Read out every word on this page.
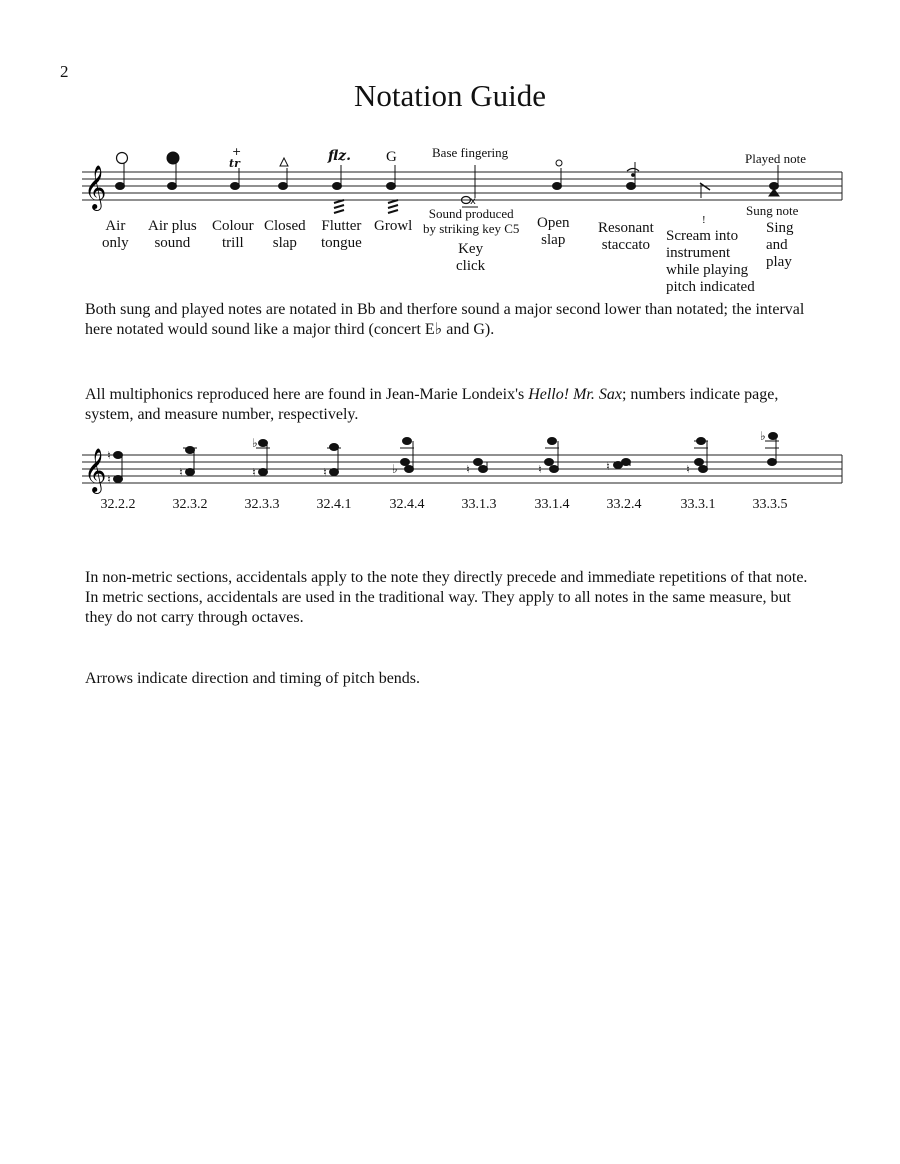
2
Notation Guide
𝄞
+
tr	flz. G
x
!
𝄞 ♮
♮
♮
♭
♮	♮	♭	♮	♮	♮	♮
♭
Base fingering	Played note
Sung note
Air
only
Air plus
sound
Colour
trill
Closed
slap
Flutter
tongue
Growl
Sound produced
by striking key C5
Key
click
Open
slap
Resonant
staccato
Scream into
instrument
while playing
pitch indicated
Sing
and
play

Both sung and played notes are notated in Bb and therfore sound a major second lower than notated; the interval here notated would sound like a major third (concert E♭ and G).

All multiphonics reproduced here are found in Jean-Marie Londeix's Hello! Mr. Sax; numbers indicate page, system, and measure number, respectively.

32.2.2	32.3.2	32.3.3	32.4.1	32.4.4	33.1.3	33.1.4	33.2.4	33.3.1	33.3.5

In non-metric sections, accidentals apply to the note they directly precede and immediate repetitions of that note. In metric sections, accidentals are used in the traditional way. They apply to all notes in the same measure, but they do not carry through octaves.

Arrows indicate direction and timing of pitch bends.
